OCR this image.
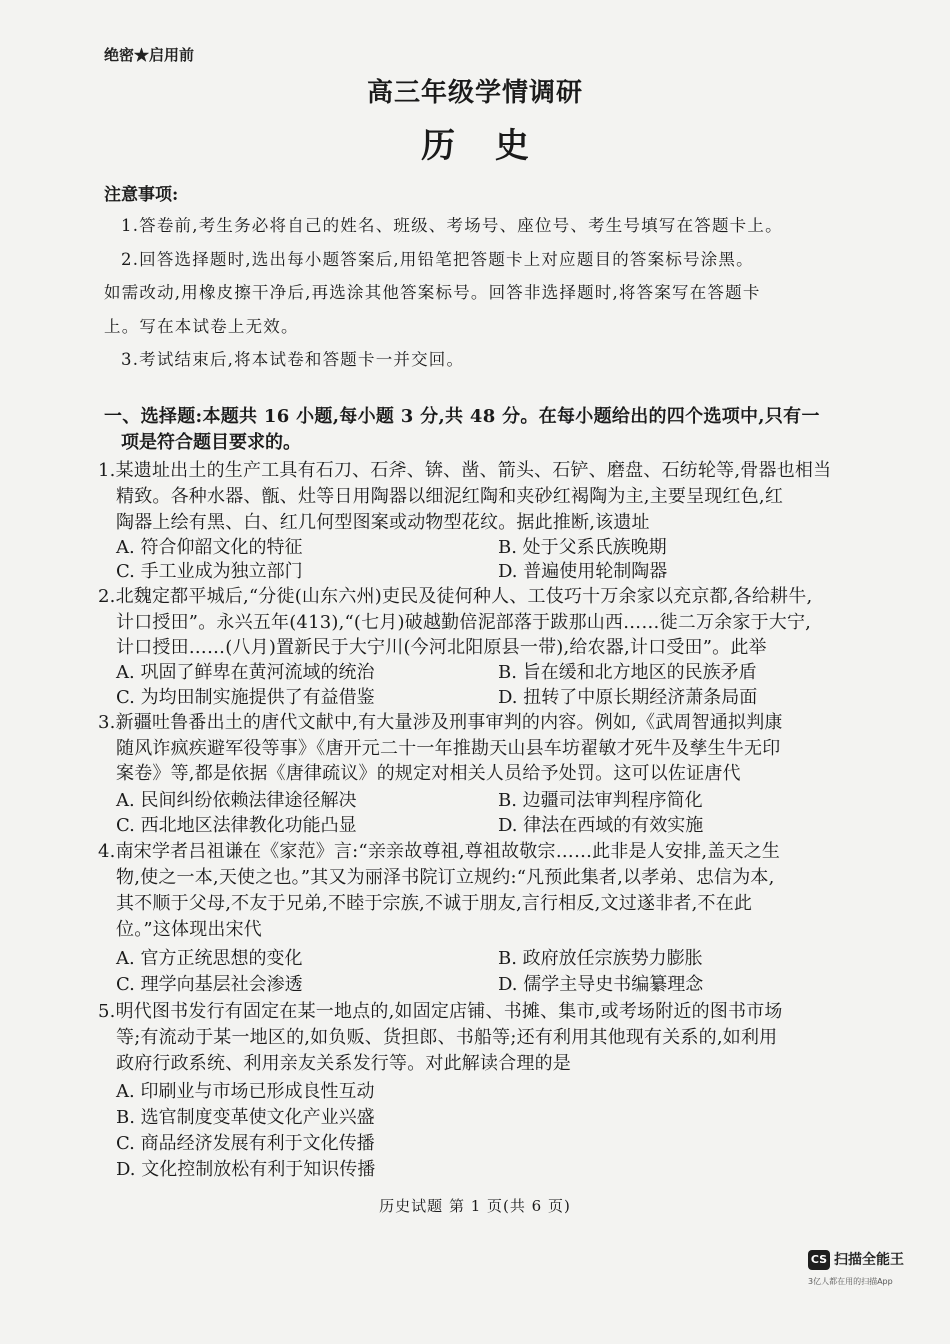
绝密★启用前
高三年级学情调研
历 史
注意事项:
1.答卷前,考生务必将自己的姓名、班级、考场号、座位号、考生号填写在答题卡上。
2.回答选择题时,选出每小题答案后,用铅笔把答题卡上对应题目的答案标号涂黑。
如需改动,用橡皮擦干净后,再选涂其他答案标号。回答非选择题时,将答案写在答题卡
上。写在本试卷上无效。
3.考试结束后,将本试卷和答题卡一并交回。
一、选择题:本题共 16 小题,每小题 3 分,共 48 分。在每小题给出的四个选项中,只有一
项是符合题目要求的。
1.某遗址出土的生产工具有石刀、石斧、锛、凿、箭头、石铲、磨盘、石纺轮等,骨器也相当
精致。各种水器、甑、灶等日用陶器以细泥红陶和夹砂红褐陶为主,主要呈现红色,红
陶器上绘有黑、白、红几何型图案或动物型花纹。据此推断,该遗址
A. 符合仰韶文化的特征	B. 处于父系氏族晚期
C. 手工业成为独立部门	D. 普遍使用轮制陶器
2.北魏定都平城后,“分徙(山东六州)吏民及徒何种人、工伎巧十万余家以充京都,各给耕牛,
计口授田”。永兴五年(413),“(七月)破越勤倍泥部落于跋那山西……徙二万余家于大宁,
计口授田……(八月)置新民于大宁川(今河北阳原县一带),给农器,计口受田”。此举
A. 巩固了鲜卑在黄河流域的统治	B. 旨在缓和北方地区的民族矛盾
C. 为均田制实施提供了有益借鉴	D. 扭转了中原长期经济萧条局面
3.新疆吐鲁番出土的唐代文献中,有大量涉及刑事审判的内容。例如,《武周智通拟判康
随风诈疯疾避军役等事》《唐开元二十一年推勘天山县车坊翟敏才死牛及孳生牛无印
案卷》等,都是依据《唐律疏议》的规定对相关人员给予处罚。这可以佐证唐代
A. 民间纠纷依赖法律途径解决	B. 边疆司法审判程序简化
C. 西北地区法律教化功能凸显	D. 律法在西域的有效实施
4.南宋学者吕祖谦在《家范》言:“亲亲故尊祖,尊祖故敬宗……此非是人安排,盖天之生
物,使之一本,天使之也。”其又为丽泽书院订立规约:“凡预此集者,以孝弟、忠信为本,
其不顺于父母,不友于兄弟,不睦于宗族,不诚于朋友,言行相反,文过遂非者,不在此
位。”这体现出宋代
A. 官方正统思想的变化	B. 政府放任宗族势力膨胀
C. 理学向基层社会渗透	D. 儒学主导史书编纂理念
5.明代图书发行有固定在某一地点的,如固定店铺、书摊、集市,或考场附近的图书市场
等;有流动于某一地区的,如负贩、货担郎、书船等;还有利用其他现有关系的,如利用
政府行政系统、利用亲友关系发行等。对此解读合理的是
A. 印刷业与市场已形成良性互动
B. 选官制度变革使文化产业兴盛
C. 商品经济发展有利于文化传播
D. 文化控制放松有利于知识传播
历史试题 第 1 页(共 6 页)
CS 扫描全能王
3亿人都在用的扫描App
